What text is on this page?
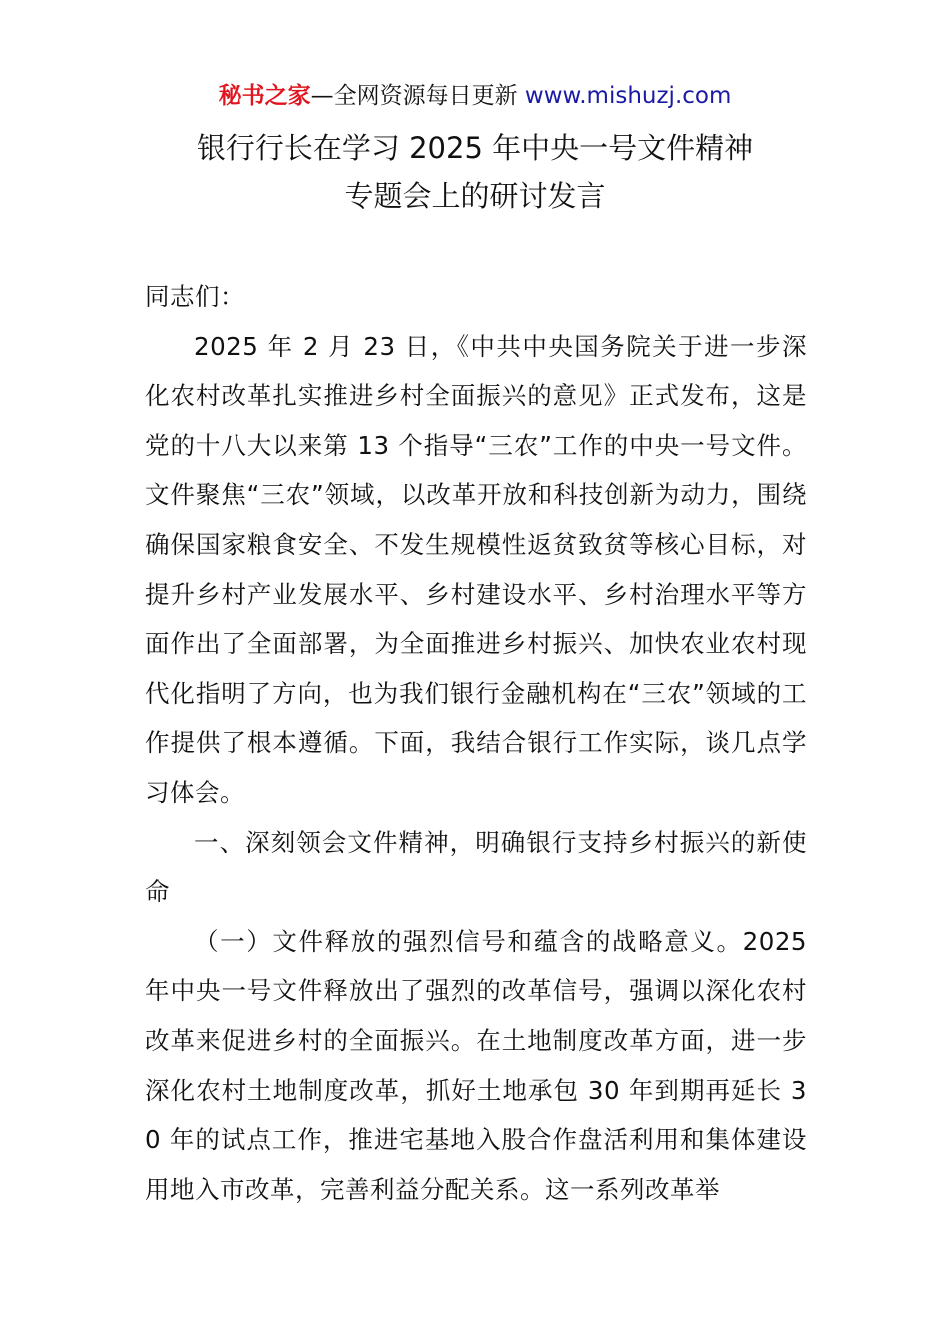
秘书之家—全网资源每日更新 www.mishuzj.com
银行行长在学习 2025 年中央一号文件精神
专题会上的研讨发言

同志们：

2025 年 2 月 23 日，《中共中央国务院关于进一步深化农村改革扎实推进乡村全面振兴的意见》正式发布，这是党的十八大以来第 13 个指导“三农”工作的中央一号文件。文件聚焦“三农”领域，以改革开放和科技创新为动力，围绕确保国家粮食安全、不发生规模性返贫致贫等核心目标，对提升乡村产业发展水平、乡村建设水平、乡村治理水平等方面作出了全面部署，为全面推进乡村振兴、加快农业农村现代化指明了方向，也为我们银行金融机构在“三农”领域的工作提供了根本遵循。下面，我结合银行工作实际，谈几点学习体会。

一、深刻领会文件精神，明确银行支持乡村振兴的新使命

（一）文件释放的强烈信号和蕴含的战略意义。2025 年中央一号文件释放出了强烈的改革信号，强调以深化农村改革来促进乡村的全面振兴。在土地制度改革方面，进一步深化农村土地制度改革，抓好土地承包 30 年到期再延长 30 年的试点工作，推进宅基地入股合作盘活利用和集体建设用地入市改革，完善利益分配关系。这一系列改革举
